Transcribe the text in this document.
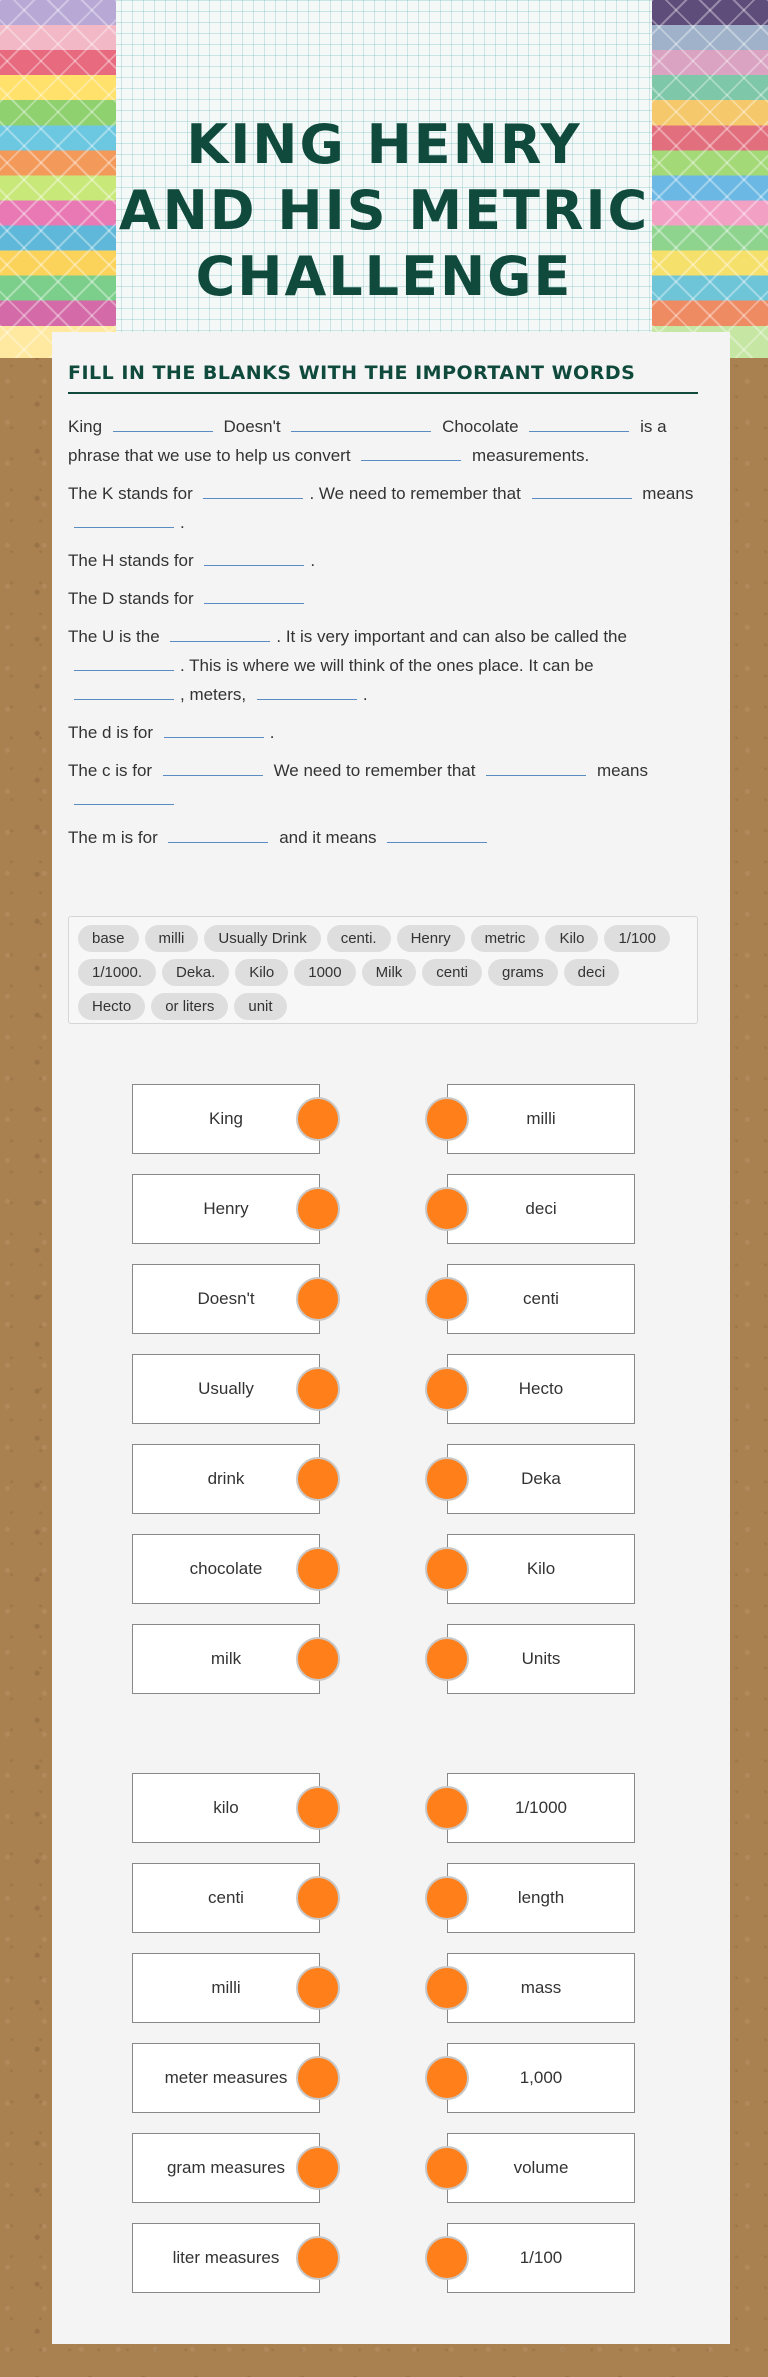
KING HENRY AND HIS METRIC CHALLENGE
FILL IN THE BLANKS WITH THE IMPORTANT WORDS

King	Doesn't	Chocolate	is a phrase that we use to help us convert	measurements.

The K stands for	. We need to remember that	means .

The H stands for	.

The D stands for

The U is the	. It is very important and can also be called the . This is where we will think of the ones place. It can be , meters,	.

The d is for	.

The c is for	We need to remember that	means

The m is for	and it means

base	milli	Usually Drink	centi.	Henry	metric	Kilo	1/100
1/1000.	Deka.	Kilo	1000	Milk	centi	grams	deci
Hecto	or liters	unit
King	milli
Henry	deci
Doesn't	centi
Usually	Hecto
drink	Deka
chocolate	Kilo
milk	Units
kilo	1/1000
centi	length
milli	mass
meter measures	1,000
gram measures	volume
liter measures	1/100
